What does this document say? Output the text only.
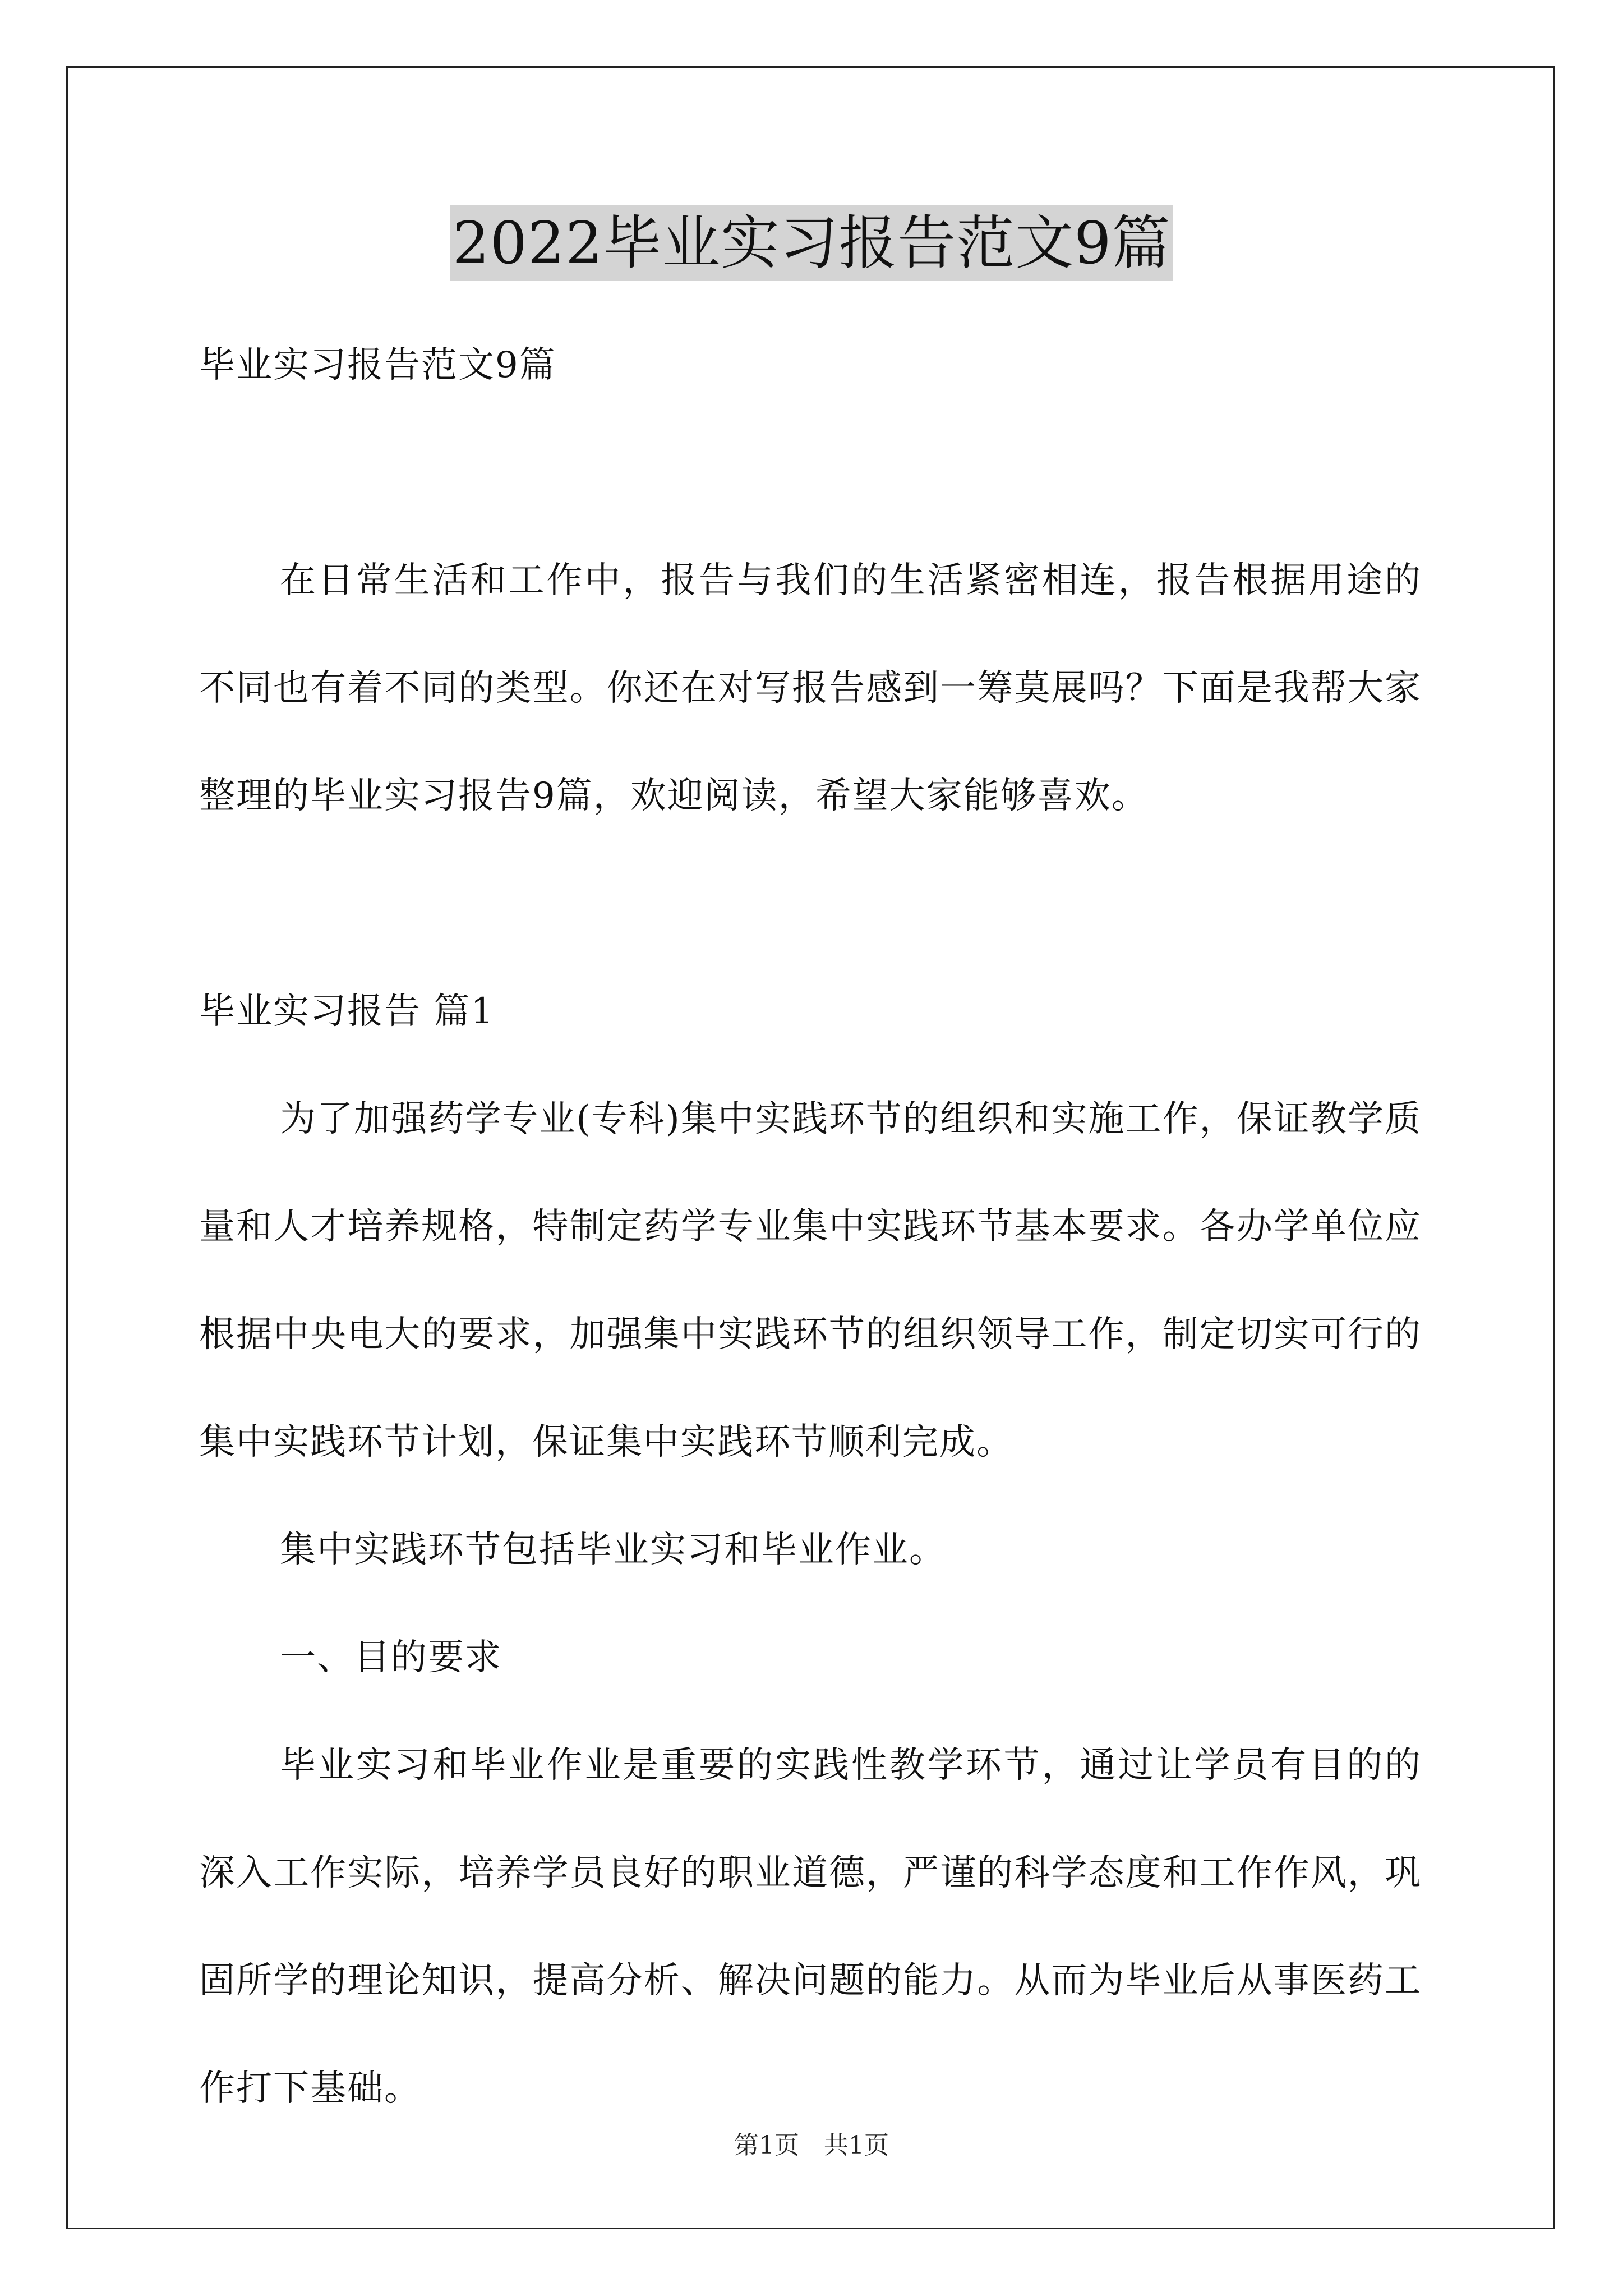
2022毕业实习报告范文9篇

毕业实习报告范文9篇

在日常生活和工作中，报告与我们的生活紧密相连，报告根据用途的不同也有着不同的类型。你还在对写报告感到一筹莫展吗？下面是我帮大家整理的毕业实习报告9篇，欢迎阅读，希望大家能够喜欢。

毕业实习报告 篇1

为了加强药学专业(专科)集中实践环节的组织和实施工作，保证教学质量和人才培养规格，特制定药学专业集中实践环节基本要求。各办学单位应根据中央电大的要求，加强集中实践环节的组织领导工作，制定切实可行的集中实践环节计划，保证集中实践环节顺利完成。

集中实践环节包括毕业实习和毕业作业。

一、目的要求

毕业实习和毕业作业是重要的实践性教学环节，通过让学员有目的的深入工作实际，培养学员良好的职业道德，严谨的科学态度和工作作风，巩固所学的理论知识，提高分析、解决问题的能力。从而为毕业后从事医药工作打下基础。

第1页　共1页
